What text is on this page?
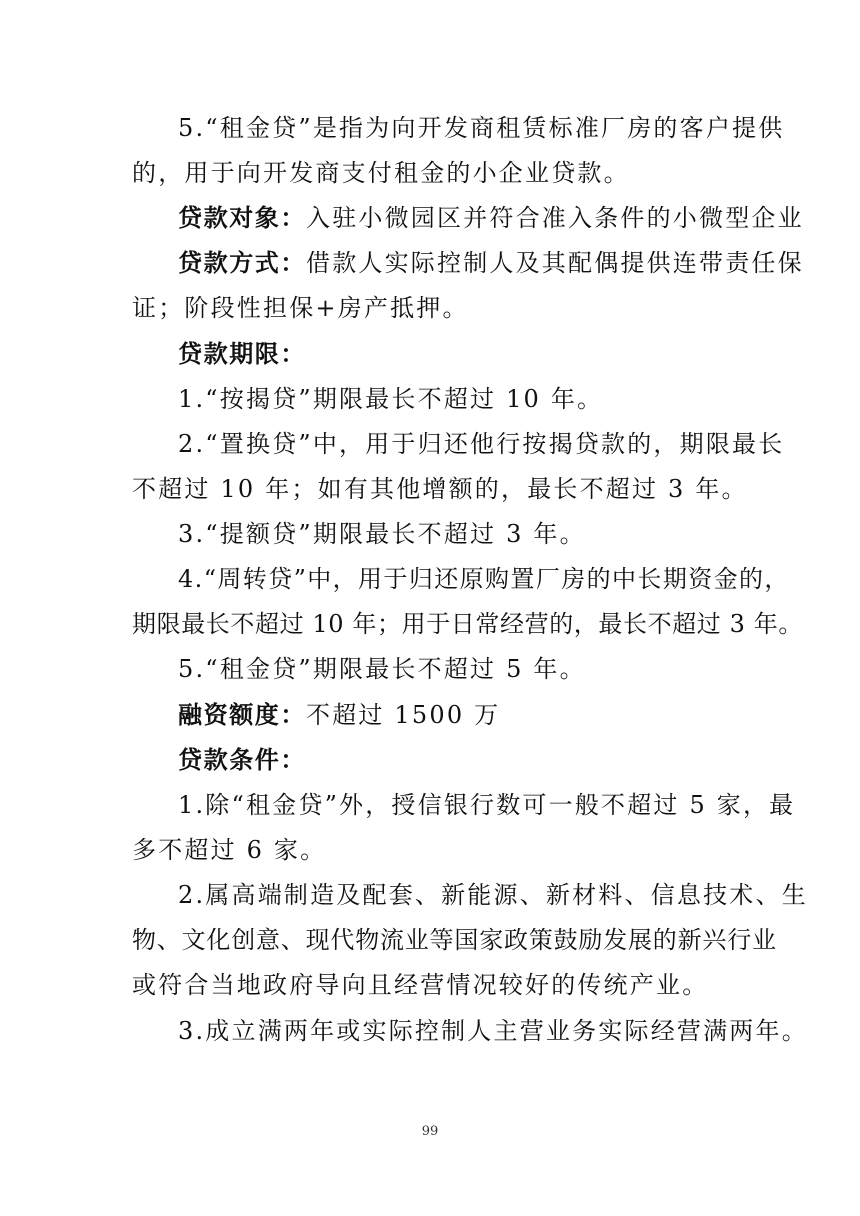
5.“租金贷”是指为向开发商租赁标准厂房的客户提供
的，用于向开发商支付租金的小企业贷款。
贷款对象：入驻小微园区并符合准入条件的小微型企业
贷款方式：借款人实际控制人及其配偶提供连带责任保
证；阶段性担保+房产抵押。
贷款期限：
1.“按揭贷”期限最长不超过 10 年。
2.“置换贷”中，用于归还他行按揭贷款的，期限最长
不超过 10 年；如有其他增额的，最长不超过 3 年。
3.“提额贷”期限最长不超过 3 年。
4.“周转贷”中，用于归还原购置厂房的中长期资金的，
期限最长不超过 10 年；用于日常经营的，最长不超过 3 年。
5.“租金贷”期限最长不超过 5 年。
融资额度：不超过 1500 万
贷款条件：
1.除“租金贷”外，授信银行数可一般不超过 5 家，最
多不超过 6 家。
2.属高端制造及配套、新能源、新材料、信息技术、生
物、文化创意、现代物流业等国家政策鼓励发展的新兴行业
或符合当地政府导向且经营情况较好的传统产业。
3.成立满两年或实际控制人主营业务实际经营满两年。
99
